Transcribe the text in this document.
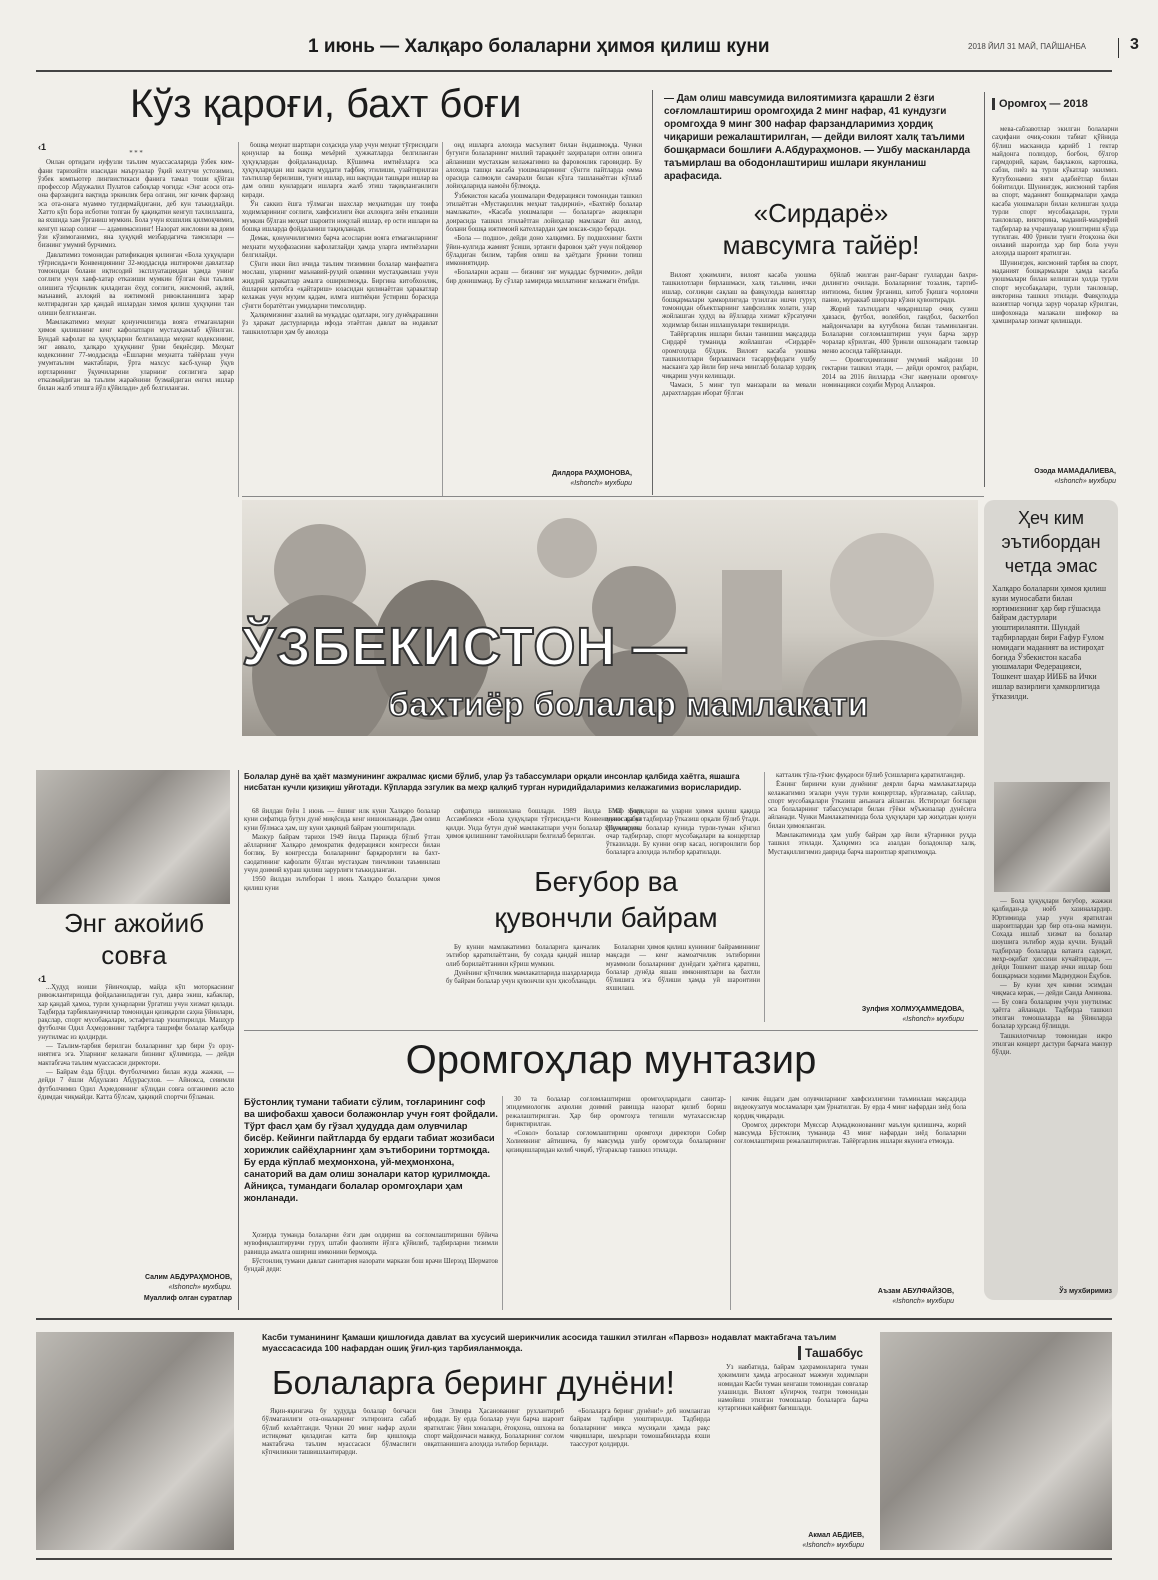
1 июнь — Халқаро болаларни ҳимоя қилиш куни	2018 ЙИЛ 31 МАЙ, ПАЙШАНБА	3
Кўз қароғи, бахт боғи
‹1

* * *

Оилан ортидаги нуфузли таълим муассасаларида ўзбек ким-фани тарихийти изасидан маърузалар ўқий келгучи устозимиз, ўзбек компьютер лингвистикаси фанига тамал тоши қўйган профессор Абдужалил Пулатов сабоқлар чоғида: «Энг асоси ота-она фарзандига вақтида эркинлик бера олгани, энг кичик фарзанд эса ота-онага муаммо тугдирмайдигани, деб кун таъкидлайди. Хатто кўп бора исботни топган бу қақиқатни кенгуп тахлиллашга, ва яхшида хам ўрганиш мумкин. Бола учун яхшилик қилмоқчимиз, кенгуп назар солинг — адамимасизинг! Назорат жисловни ва доим ўзи кўзимоганимиз, яна ҳуқуқий мезбардагича тамсилари — бизнинг умумий бурчимиз.

Давлатимиз томонидан ратификация қилинган «Бола ҳуқуқлари тўғрисида»ги Конвенциянинг 32-моддасида иштирокчи давлатлар томонидан болани иқтисодий эксплуатациядан ҳамда унинг соғлиги учун хавф-хатар етказиши мумкин бўлган ёки таълим олишига тўсқинлик қиладиган ёхуд соғлиги, жисмоний, ақлий, маънавий, ахлоқий ва ижтимоий ривожланишига зарар келтирадиган ҳар қандай ишлардан химоя қилиш ҳуқуқини тан олиши белгиланган.

Мамлакатимиз меҳнат қонунчилигида вояга етмаганларни ҳимоя қилишнинг кенг кафолатлари мустаҳкамлаб қўйилган. Бундай кафолат ва ҳуқуқларни белгилашда меҳнат кодексининг, энг аввало, ҳалқаро ҳуқуқнинг ўрни беқиёсдир. Меҳнат кодексининг 77-моддасида «Ёшларни меҳнатга тайёрлаш учун умумтаълим мактаблари, ўрта махсус касб-ҳунар ўқув юртларининг ўқувчиларини уларнинг соғлигига зарар етказмайдиган ва таълим жараёнини бузмайдиган енгил ишлар билан жалб этишга йўл қўйилади» деб белгиланган.

бошқа меҳнат шартлари соҳасида улар учун меҳнат тўғрисидаги қонунлар ва бошқа меъёрий ҳужжатларда белгиланган ҳуқуқлардан фойдаланадилар. Кўшимча имтиёзларга эса ҳуқуқларидан иш вақти муддати тафбиқ этилиши, узайтирилган таътиллар берилиши, тунги ишлар, иш вақтидан ташқари ишлар ва дам олиш кунлардаги ишларга жалб этиш тақиқланганлиги киради.

Ўн саккиз ёшга тўлмаган шахслар меҳнатидан шу тоифа ходимларининг соғлиги, хавфсизлиги ёки ахлоқига зиён етказиши мумкин бўлган меҳнат шароити ноқулай ишлар, ер ости ишлари ва бошқа ишларда фойдаланиш тақиқланади.

Демак, қонунчилигимиз барча асосларни вояга етмаганларнинг меҳнати муҳофазасини кафолатлайди ҳамда уларга имтиёзларни белгилайди.

Сўнги икки йил ичида таълим тизимини болалар манфаатига мослаш, уларнинг маънавий-руҳий оламини мустаҳкамлаш учун жиддий ҳаракатлар амалга оширилмоқда. Биргина китобхонлик, ёшларни китобга «қайтариш» юзасидан қилинаётган ҳаракатлар келажак учун муҳим қадам, илмга иштиёқни ўстириш борасида сўнгги боратётган умидларни тимсолидир.

Ҳалқимизнинг азалий ва муқаддас одатлари, эзгу дунёқарашини ўз ҳаракат дастурларида ифода этаётган давлат ва нодавлат ташкилотлари ҳам бу аволода

оид ишларга алохида масъулият билан ёндашмоқда. Чунки бугунги болаларнинг миллий тарақкиёт заҳиралари олтин олинга айланиши мустахкам келажагимиз ва фаровонлик гаровидир. Бу алохида ташқи касаба уюшмаларининг сўнгги пайтларда оммa орасида салмоқли самарали билан кўзга ташланаётган кўплаб лойиҳаларида намоён бўлмоқда.

Ўзбекистон касаба уюшмалари Федерацияси томонидан ташкил этилаётган «Мустақиллик меҳнат таъдирниi», «Бахтиёр болалар мамлакати», «Касаба уюшмалари — болаларга» акциялари доирасида ташкил этилаётган лойиҳалар мамлакат ёш авлод, болани бошқа ижтимоий кателлардан ҳам юксак-сидо беради.

«Бола — подшо», дейди доно халқимиз. Бу подшохнинг бахти ўйин-кулгида жамият ўсиши, эртанги фаровон ҳаёт учун пойдевор бўладиган билим, тарбия олиш ва ҳаётдаги ўрнини топиш имкониятидир.

«Болаларни асраш — бизнинг энг муқаддас бурчимиз», дейди бир донишманд. Бу сўзлар замирида миллатнинг келажаги ётибди.

Дилдора РАҲМОНОВА,
«Ishonch» мухбири
— Дам олиш мавсумида вилоятимизга қарашли 2 ёзги соғломлаштириш оромгоҳида 2 минг нафар, 41 кундузги оромгоҳда 9 минг 300 нафар фарзандларимиз ҳордиқ чиқариши режалаштирилган, — дейди вилоят халқ таълими бошқармаси бошлиғи А.Абдураҳмонов. — Ушбу масканларда таъмирлаш ва ободонлаштириш ишлари якунланиш арафасида.
«Сирдарё»
мавсумга тайёр!

Вилоят ҳокимлиги, вилоят касаба уюшма ташкилотлари бирлашмаси, халқ таълими, ички ишлар, соғлиқни сақлаш ва фавқулодда вазиятлар бошқармалари ҳамкорлигида тузилган ишчи гуруҳ томонидан объектларнинг хавфсизлик холати, улар жойлашган ҳудуд ва йўлларда хизмат кўрсатувчи ходимлар билан ишлашувлари текширилди.

Тайёргарлик ишлари билан танишиш мақсадида Сирдарё туманида жойлашган «Сирдарё» оромгоҳида бўлдик. Вилоят касаба уюшма ташкилотлари бирлашмаси тасарруфидаги ушбу масканга ҳар йили бир неча минглаб болалар ҳордиқ чиқариш учун келишади.

Чамаси, 5 минг туп манзарали ва мевали дарахтлардан иборат бўлган

бўйлаб экилган ранг-баранг гуллардан бахри-дилингиз очилади. Болаларнинг тозалик, тартиб-интизома, билим ўрганиш, китоб ўқишга чорловчи панно, мураккаб шиорлар кўзни қувонтиради.

Жорий таътилдаги чиқаришлар очиқ сузиш ҳавзаси, футбол, волейбол, гандбол, баскетбол майдончалари ва кутубхона билан таъминланган. Болаларни соғломлаштириш учун барча зарур чоралар кўрилган, 400 ўринли ошхонадаги таомлар меню асосида тайёрланади.

— Оромгоҳимизнинг умумий майдони 10 гектарни ташкил этади, — дейди оромгоҳ раҳбари, 2014 ва 2016 йилларда «Энг намунали оромгоҳ» номинацияси соҳиби Мурод Аллаяров.

Оромгоҳ — 2018

мева-сабзавотлар экилган болаларни саҳифани очиқ-сокин табиат қўйнида бўлиш масканида қарийб 1 гектар майдонга полиздор, боғбон, бўлгор гармдорий, карам, бақлажон, картошка, сабзи, пиёз ва турли кўкатлар экилмиз. Кутубхонамиз янги адабиётлар билан бойитилди. Шунингдек, жисмоний тарбия ва спорт, маданият бошқармалари ҳамда касаба уюшмалари билан келишган ҳолда турли спорт мусобақалари, турли танловлар, викторина, маданий-маърифий тадбирлар ва учрашувлар уюштириш кўзда тутилган. 400 ўринли тунги ётоқхона ёки оилавий шароитда ҳар бир бола учун алоҳида шароит яратилган.

Шунингдек, жисмоний тарбия ва спорт, маданият бошқармалари ҳамда касаба уюшмалари билан келишган ҳолда турли спорт мусобақалари, турли танловлар, викторина ташкил этилади. Фавқулодда вазиятлар чоғида зарур чоралар кўрилган, шифохонада малакали шифокор ва ҳамширалар хизмат қилишади.

Озода МАМАДАЛИЕВА,
«Ishonch» мухбири
ЎЗБЕКИСТОН —
бахтиёр болалар мамлакати
Ҳеч ким
эътибордан
четда эмас

Халқаро болаларни ҳимоя қилиш куни муносабати билан юртимизнинг ҳар бир гўшасида байрам дастурлари уюштирилаяпти. Шундай тадбирлардан бири Ғафур Ғулом номидаги маданият ва истироҳат боғида Ўзбекистон касаба уюшмалари Федерацияси, Тошкент шаҳар ИИББ ва Ички ишлар вазирлиги ҳамкорлигида ўтказилди.

— Бола ҳуқуқлари беғубор, жажжи қалбидан-да ноёб хазиналардир. Юртимизда улар учун яратилган шароитлардан ҳар бир ота-она мамнун. Сохада ишлаб хизмат ва болалар шоушига эътибор жуда кучли. Бундай тадбирлар болаларда ватанга садоқат, меҳр-оқибат ҳиссини кучайтиради, — дейди Тошкент шаҳар ички ишлар бош бошқармаси ходими Мадмуджон Ёқубов.

— Бу куни ҳеч кимни эсимдан чиқмаса керак, — дейди Саида Аминова. — Бу совға болаларим учун унутилмас ҳаётга айланади. Тадбирда ташкил этилган томошаларда ва ўйинларда болалар ҳурсанд бўлишди.

Ташкилотчилар томонидан ижро этилган концерт дастури барчага манзур бўлди.

Ўз мухбиримиз
Энг ажойиб
совға
‹1

...Ҳудуд ноиши ўйинчоқлар, майда кўп моторкаснинг ривожлантиришда фойдаланиладиган гул, давра экиш, кабаклар, хар қандай ҳамоа, турли ҳунарларни ўргатиш учун хизмат қилади. Тадбирда тарбияланувчилар томонидан қизиқарли саҳна ўйинлари, рақслар, спорт мусобақалари, эстафеталар уюштирилди. Машҳур футболчи Одил Аҳмедовнинг тадбирга ташрифи болалар қалбида унутилмас из қолдирди.

— Таълим-тарбия берилган болаларнинг ҳар бири ўз орзу-ниятига эга. Уларнинг келажаги бизнинг қўлимизда, — дейди мактабгача таълим муассасаси директори.

— Байрам ёзда бўлди. Футболчимиз билан жуда жажжи, — дейди 7 ёшли Абдулазиз Абдурасулов. — Айнокса, севимли футболчимиз Одил Аҳмедовнинг кўлидан совға олганимиз асло ёдимдан чиқмайди. Катта бўлсам, ҳақиқий спортчи бўламан.

Салим АБДУРАҲМОНОВ,
«Ishonch» мухбири.
Муаллиф олган суратлар
Болалар дунё ва ҳаёт мазмунининг ажралмас қисми бўлиб, улар ўз табассумлари орқали инсонлар қалбида хаётга, яшашга нисбатан кучли қизиқиш уйғотади. Кўпларда эзгулик ва меҳр қалқиб турган нуридийдаларимиз келажагимиз ворисларидир.

68 йилдан буён 1 июнь — ёшинг илк куни Халқаро болалар куни сифатида бутун дунё миқёсида кенг нишонланади. Дам олиш куни бўлмаса ҳам, шу куни ҳақиқий байрам уюштирилади.

Мазкур байрам тарихи 1949 йилда Парижда бўлиб ўтган аёлларнинг Халқаро демократик федерацияси конгресси билан боғлиқ. Бу конгрессда болаларнинг барқарорлиги ва бахт-саодатининг кафолати бўлган мустаҳкам тинчликни таъминлаш учун доимий кураш қилиш зарурлиги таъкидланган.

1950 йилдан эътиборан 1 июнь Халқаро болаларни ҳимоя қилиш куни

сифатида нишонлана бошлади. 1989 йилда БМТ Бош Ассамблеяси «Бола ҳуқуқлари тўғрисида»ги Конвенцияни қабул қилди. Унда бутун дунё мамлакатлари учун болалар ҳуқуқларини ҳимоя қилишнинг тамойиллари белгилаб берилган.

Беғубор ва
қувончли байрам

Бу кунни мамлакатимиз болаларига қанчалик эътибор қаратилаётгани, бу соҳада қандай ишлар олиб борилаётганини кўриш мумкин.

Дунёнинг кўпчилик мамлакатларида шаҳарларида бу байрам болалар учун қувончли кун ҳисобланади.

лар ҳуқуқлари ва уларни ҳимоя қилиш қақида муносара ва тадбирлар ўтказиш орқали бўлиб ўтади. Шунингдек, болалар кунида турли-туман кўнгил очар тадбирлар, спорт мусобақалари ва концертлар ўтказилади. Бу кунни оғир касал, ногиронлиги бор болаларга алоҳида эътибор қаратилади.

Болаларни ҳимоя қилиш кунининг байраминнинг мақсади — кенг жамоатчилик эътиборини муаммоли болаларнинг дунёдаги ҳаётига қаратиш, болалар дунёда яшаш имкониятлари ва бахтли бўлишига эга бўлиши ҳамда уй шароитини яхшилаш.

катталик тўла-тўкис фуқароси бўлиб ўсишларига қаратилгандир.

Ёзнинг биринчи куни дунёнинг деярли барча мамлакатларида келажагимиз эгалари учун турли концертлар, кўргазмалар, сайллар, спорт мусобақалари ўтказиш анъанага айланган. Истироҳат боғлари эса болаларнинг табассумлари билан гўёки мўъжизалар дунёсига айланади. Чунки Мамлакатимизда бола ҳуқуқлари ҳар жиҳатдан қонун билан ҳимояланган.

Мамлакатимизда ҳам ушбу байрам ҳар йили кўтаринки руҳда ташкил этилади. Ҳалқимиз эса азалдан боладонлар халқ. Мустақиллигимиз даврида барча шароитлар яратилмоқда.

Зулфия ХОЛМУҲАММЕДОВА,
«Ishonch» мухбири
Оромгоҳлар мунтазир
Бўстонлиқ тумани табиати сўлим, тоғларининг соф ва шифобахш ҳавоси болажонлар учун ғоят фойдали. Тўрт фасл ҳам бу гўзал ҳудудда дам олувчилар бисёр. Кейинги пайтларда бу ердаги табиат жозибаси хорижлик сайёҳларнинг ҳам эътиборини тортмоқда. Бу ерда кўплаб меҳмонхона, уй-меҳмонхона, санаторий ва дам олиш зоналари катор қурилмоқда. Айниқса, тумандаги болалар оромгоҳлари ҳам жонланади.

Ҳозирда туманда болаларни ёзги дам олдириш ва соғломлаштиришни бўйича мувофиқлаштирувчи гуруҳ штаби фаолияти йўлга қўйилиб, тадбирларни тизимли равишда амалга ошириш имконини бермоқда.

Бўстонлиқ тумани давлат санитария назорати маркази бош врачи Шерзод Шерматов бундай деди:

30 та болалар соғломлаштириш оромгоҳларидаги санитар-эпидемиологик аҳволни доимий равишда назорат қилиб бориш режалаштирилган. Ҳар бир оромгоҳга тегишли мутахассислар бириктирилган.

«Сокол» болалар соғломлаштириш оромгоҳи директори Собир Холиевнинг айтишича, бу мавсумда ушбу оромгоҳда болаларнинг қизиқишларидан келиб чиқиб, тўгараклар ташкил этилади.

кичик ёшдаги дам олувчиларнинг хавфсизлигини таъминлаш мақсадида видеокузатув мосламалари ҳам ўрнатилган. Бу ерда 4 минг нафардан зиёд бола қордиқ чиқаради.

Оромгоҳ директори Муяссар Аҳмаджонованинг маълум қилишича, жорий мавсумда Бўстонлиқ туманида 43 минг нафардан зиёд болаларни соғломлаштириш режалаштирилган. Тайёргарлик ишлари якунига етмоқда.

Аъзам АБУЛФАЙЗОВ,
«Ishonch» мухбири
Касби туманининг Қамаши қишлоғида давлат ва хусусий шерикчилик асосида ташкил этилган «Парвоз» нодавлат мактабгача таълим муассасасида 100 нафардан ошиқ ўғил-қиз тарбияланмоқда.	Ташаббус
Болаларга беринг дунёни!

Яқин-яқингача бу ҳудудда болалар боғчаси бўлмаганлиги ота-оналарнинг эътирозига сабаб бўлиб келаётганди. Чунки 20 минг нафар аҳоли истиқомат қиладиган катта бир қишлоқда мактабгача таълим муассасаси бўлмаслиги кўпчиликни ташвишлантирарди.

бия Элмира Ҳасанованинг рухлантириб ифодади. Бу ерда болалар учун барча шароит яратилган: ўйин хоналари, ётоқхона, ошхона ва спорт майдончаси мавжуд. Болаларнинг соғлом овқатланишига алоҳида эътибор берилади.

«Болаларга беринг дунёни!» деб номланган байрам тадбири уюштирилди. Тадбирда болаларнинг миқса мусиқали ҳамда рақс чиқишлари, шеърлари томошабинларда яхши таассурот қолдирди.

Ўз навбатида, байрам ҳахрамонларига туман ҳокимлиги ҳамда агросаноат мажмуи ходимлари номидан Касби туман кенгаши томонидан совғалар улашилди. Вилоят кўғирчоқ театри томонидан намойиш этилган томошалар болаларга барча кутаргинки кайфият бағишлади.

Акмал АБДИЕВ,
«Ishonch» мухбири
